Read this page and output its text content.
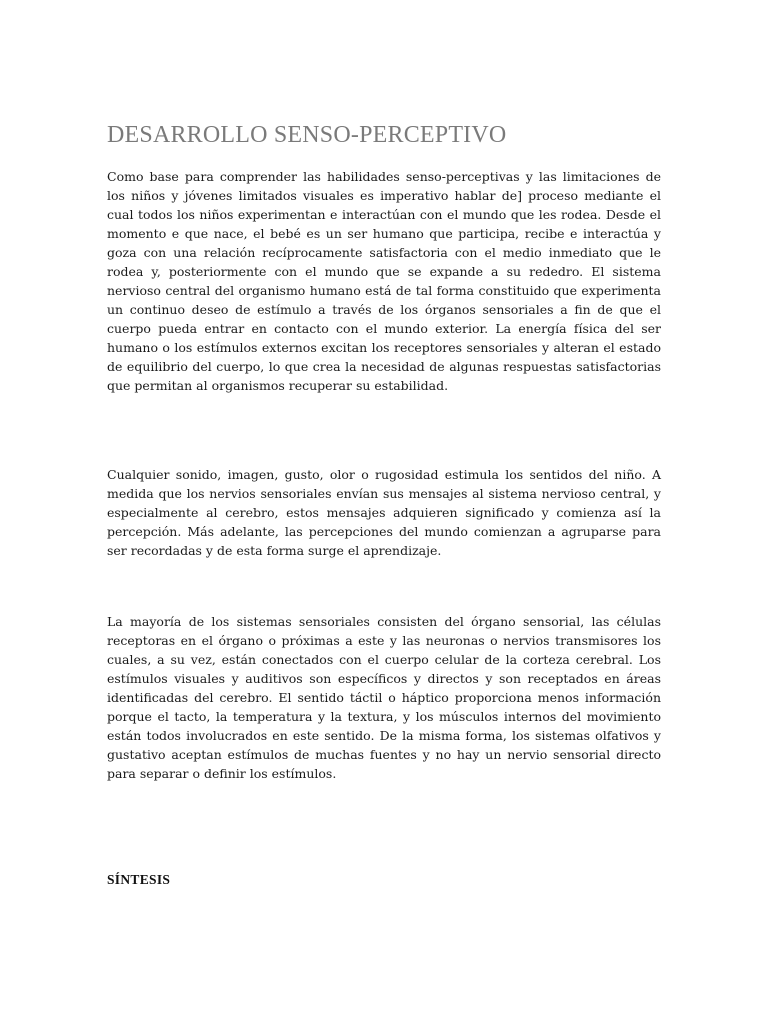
DESARROLLO SENSO-PERCEPTIVO

Como base para comprender las habilidades senso-perceptivas y las limitaciones de los niños y jóvenes limitados visuales es imperativo hablar de] proceso mediante el cual todos los niños experimentan e interactúan con el mundo que les rodea. Desde el momento e que nace, el bebé es un ser humano que participa, recibe e interactúa y goza con una relación recíprocamente satisfactoria con el medio inmediato que le rodea y, posteriormente con el mundo que se expande a su rededro. El sistema nervioso central del organismo humano está de tal forma constituido que experimenta un continuo deseo de estímulo a través de los órganos sensoriales a fin de que el cuerpo pueda entrar en contacto con el mundo exterior. La energía física del ser humano o los estímulos externos excitan los receptores sensoriales y alteran el estado de equilibrio del cuerpo, lo que crea la necesidad de algunas respuestas satisfactorias que permitan al organismos recuperar su estabilidad.

Cualquier sonido, imagen, gusto, olor o rugosidad estimula los sentidos del niño. A medida que los nervios sensoriales envían sus mensajes al sistema nervioso central, y especialmente al cerebro, estos mensajes adquieren significado y comienza así la percepción. Más adelante, las percepciones del mundo comienzan a agruparse para ser recordadas y de esta forma surge el aprendizaje.

La mayoría de los sistemas sensoriales consisten del órgano sensorial, las células receptoras en el órgano o próximas a este y las neuronas o nervios transmisores los cuales, a su vez, están conectados con el cuerpo celular de la corteza cerebral. Los estímulos visuales y auditivos son específicos y directos y son receptados en áreas identificadas del cerebro. El sentido táctil o háptico proporciona menos información porque el tacto, la temperatura y la textura, y los músculos internos del movimiento están todos involucrados en este sentido. De la misma forma, los sistemas olfativos y gustativo aceptan estímulos de muchas fuentes y no hay un nervio sensorial directo para separar o definir los estímulos.

SÍNTESIS
